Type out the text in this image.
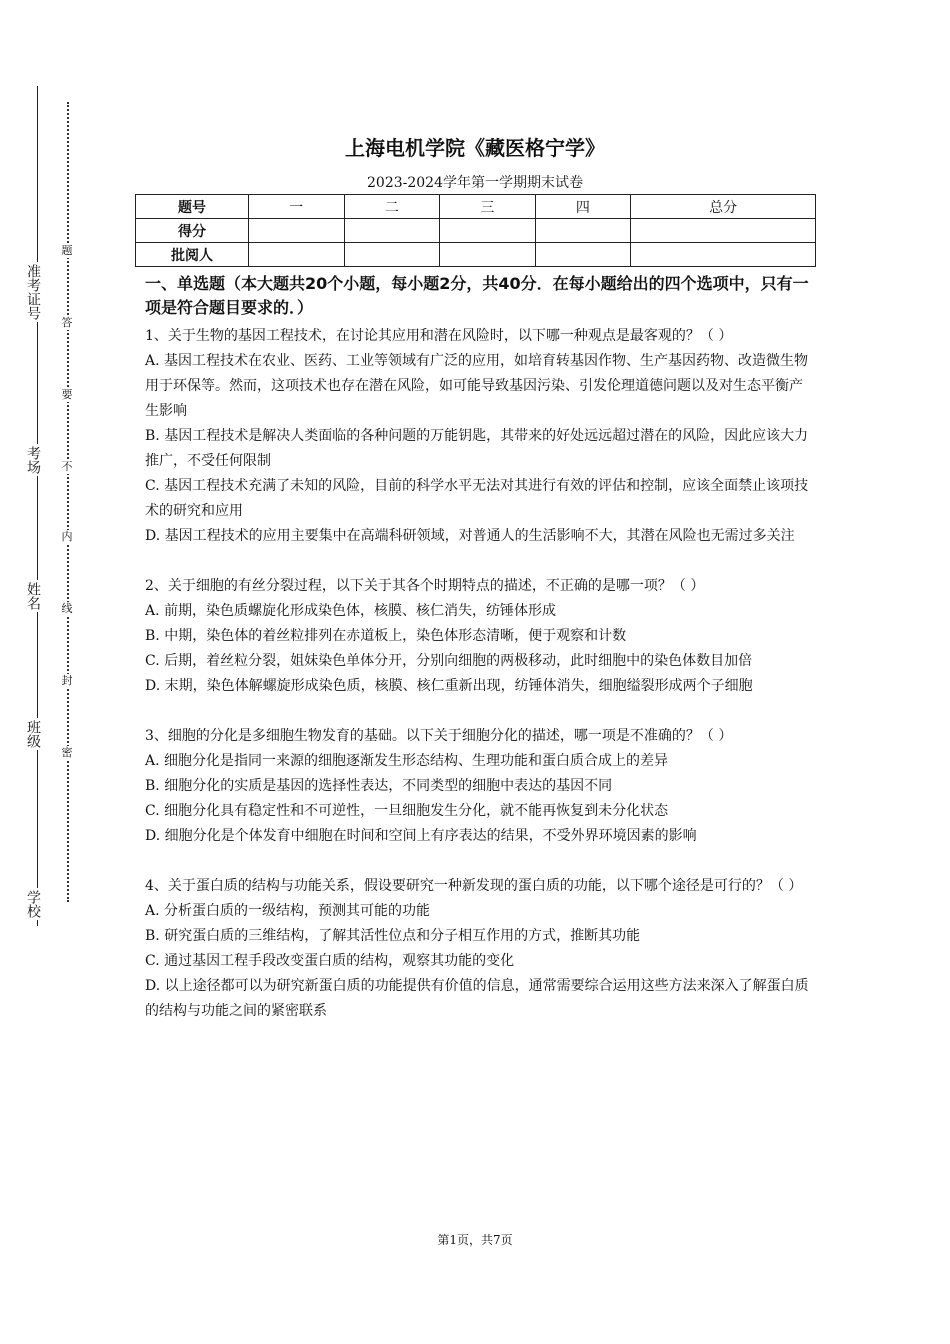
学校
班级
姓名
考场
准考证号
题
答
要
不
内
线
封
密
上海电机学院《藏医格宁学》
2023-2024学年第一学期期末试卷
题号	一	二	三	四	总分
得分					
批阅人					

一、单选题（本大题共20个小题，每小题2分，共40分．在每小题给出的四个选项中，只有一项是符合题目要求的．）

1、关于生物的基因工程技术，在讨论其应用和潜在风险时，以下哪一种观点是最客观的？（ ）

A. 基因工程技术在农业、医药、工业等领域有广泛的应用，如培育转基因作物、生产基因药物、改造微生物用于环保等。然而，这项技术也存在潜在风险，如可能导致基因污染、引发伦理道德问题以及对生态平衡产生影响

B. 基因工程技术是解决人类面临的各种问题的万能钥匙，其带来的好处远远超过潜在的风险，因此应该大力推广，不受任何限制

C. 基因工程技术充满了未知的风险，目前的科学水平无法对其进行有效的评估和控制，应该全面禁止该项技术的研究和应用

D. 基因工程技术的应用主要集中在高端科研领域，对普通人的生活影响不大，其潜在风险也无需过多关注

2、关于细胞的有丝分裂过程，以下关于其各个时期特点的描述，不正确的是哪一项？（ ）

A. 前期，染色质螺旋化形成染色体，核膜、核仁消失，纺锤体形成

B. 中期，染色体的着丝粒排列在赤道板上，染色体形态清晰，便于观察和计数

C. 后期，着丝粒分裂，姐妹染色单体分开，分别向细胞的两极移动，此时细胞中的染色体数目加倍

D. 末期，染色体解螺旋形成染色质，核膜、核仁重新出现，纺锤体消失，细胞缢裂形成两个子细胞

3、细胞的分化是多细胞生物发育的基础。以下关于细胞分化的描述，哪一项是不准确的？（ ）

A. 细胞分化是指同一来源的细胞逐渐发生形态结构、生理功能和蛋白质合成上的差异

B. 细胞分化的实质是基因的选择性表达，不同类型的细胞中表达的基因不同

C. 细胞分化具有稳定性和不可逆性，一旦细胞发生分化，就不能再恢复到未分化状态

D. 细胞分化是个体发育中细胞在时间和空间上有序表达的结果，不受外界环境因素的影响

4、关于蛋白质的结构与功能关系，假设要研究一种新发现的蛋白质的功能，以下哪个途径是可行的？（ ）

A. 分析蛋白质的一级结构，预测其可能的功能

B. 研究蛋白质的三维结构，了解其活性位点和分子相互作用的方式，推断其功能

C. 通过基因工程手段改变蛋白质的结构，观察其功能的变化

D. 以上途径都可以为研究新蛋白质的功能提供有价值的信息，通常需要综合运用这些方法来深入了解蛋白质的结构与功能之间的紧密联系

第1页，共7页
